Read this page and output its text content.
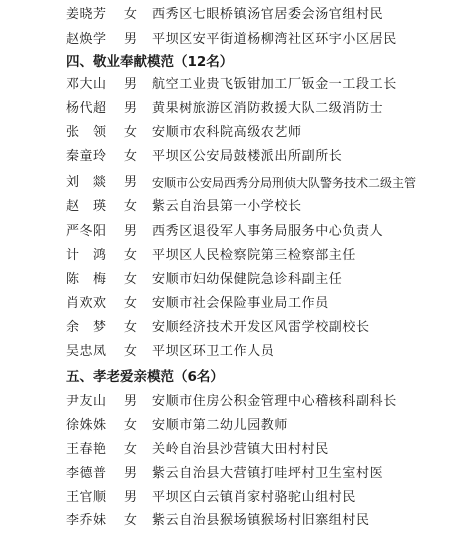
姜晓芳 女 西秀区七眼桥镇汤官居委会汤官组村民
赵焕学 男 平坝区安平街道杨柳湾社区环宇小区居民
四、敬业奉献模范（12名）
邓大山 男 航空工业贵飞钣钳加工厂钣金一工段工长
杨代超 男 黄果树旅游区消防救援大队二级消防士
张　领 女 安顺市农科院高级农艺师
秦童玲 女 平坝区公安局鼓楼派出所副所长
刘　燚 男 安顺市公安局西秀分局刑侦大队警务技术二级主管
赵　瑛 女 紫云自治县第一小学校长
严冬阳 男 西秀区退役军人事务局服务中心负责人
计　鸿 女 平坝区人民检察院第三检察部主任
陈　梅 女 安顺市妇幼保健院急诊科副主任
肖欢欢 女 安顺市社会保险事业局工作员
余　梦 女 安顺经济技术开发区风雷学校副校长
吴忠凤 女 平坝区环卫工作人员
五、孝老爱亲模范（6名）
尹友山 男 安顺市住房公积金管理中心稽核科副科长
徐姝姝 女 安顺市第二幼儿园教师
王春艳 女 关岭自治县沙营镇大田村村民
李德普 男 紫云自治县大营镇打哇坪村卫生室村医
王官顺 男 平坝区白云镇肖家村骆驼山组村民
李乔妹 女 紫云自治县猴场镇猴场村旧寨组村民
